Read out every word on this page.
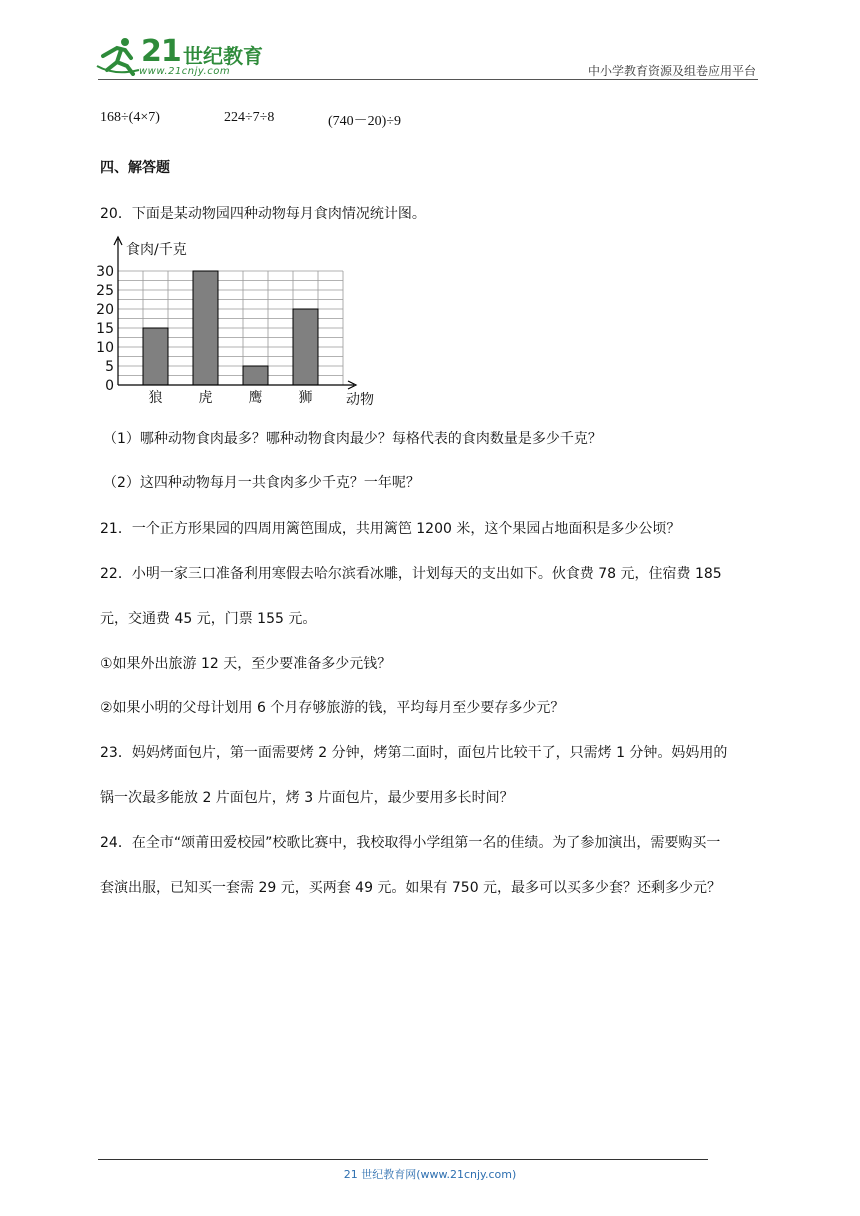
21 世纪教育
www.21cnjy.com	中小学教育资源及组卷应用平台
168÷(4×7)	224÷7÷8	(740－20)÷9
四、解答题
20．下面是某动物园四种动物每月食肉情况统计图。
0
5
10
15
20
25
30
狼	虎	鹰	狮
食肉/千克
动物
（1）哪种动物食肉最多？哪种动物食肉最少？每格代表的食肉数量是多少千克？
（2）这四种动物每月一共食肉多少千克？一年呢？
21．一个正方形果园的四周用篱笆围成，共用篱笆 1200 米，这个果园占地面积是多少公顷？
22．小明一家三口准备利用寒假去哈尔滨看冰雕，计划每天的支出如下。伙食费 78 元，住宿费 185
元，交通费 45 元，门票 155 元。
①如果外出旅游 12 天，至少要准备多少元钱？
②如果小明的父母计划用 6 个月存够旅游的钱，平均每月至少要存多少元？
23．妈妈烤面包片，第一面需要烤 2 分钟，烤第二面时，面包片比较干了，只需烤 1 分钟。妈妈用的
锅一次最多能放 2 片面包片，烤 3 片面包片，最少要用多长时间？
24．在全市“颂莆田爱校园”校歌比赛中，我校取得小学组第一名的佳绩。为了参加演出，需要购买一
套演出服，已知买一套需 29 元，买两套 49 元。如果有 750 元，最多可以买多少套？还剩多少元？
21 世纪教育网(www.21cnjy.com)
